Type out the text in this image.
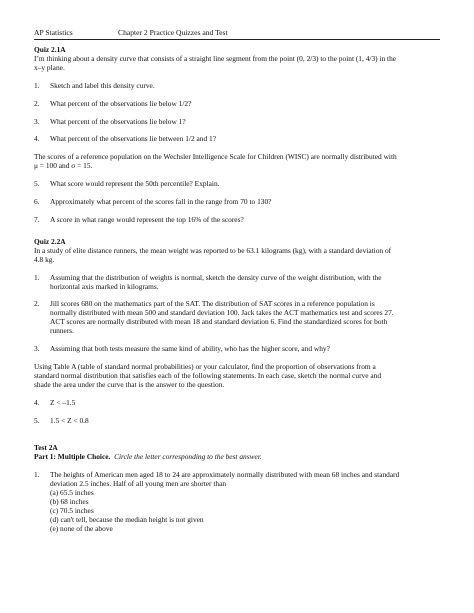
AP Statistics	Chapter 2 Practice Quizzes and Test

Quiz 2.1A

I’m thinking about a density curve that consists of a straight line segment from the point (0, 2/3) to the point (1, 4/3) in the

x–y plane.

1. Sketch and label this density curve.

2. What percent of the observations lie below 1/2?

3. What percent of the observations lie below 1?

4. What percent of the observations lie between 1/2 and 1?

The scores of a reference population on the Wechsler Intelligence Scale for Children (WISC) are normally distributed with

μ = 100 and σ = 15.

5. What score would represent the 50th percentile? Explain.

6. Approximately what percent of the scores fall in the range from 70 to 130?

7. A score in what range would represent the top 16% of the scores?

Quiz 2.2A

In a study of elite distance runners, the mean weight was reported to be 63.1 kilograms (kg), with a standard deviation of

4.8 kg.

1. Assuming that the distribution of weights is normal, sketch the density curve of the weight distribution, with the
horizontal axis marked in kilograms.
2. Jill scores 680 on the mathematics part of the SAT. The distribution of SAT scores in a reference population is
normally distributed with mean 500 and standard deviation 100. Jack takes the ACT mathematics test and scores 27.
ACT scores are normally distributed with mean 18 and standard deviation 6. Find the standardized scores for both
runners.

3. Assuming that both tests measure the same kind of ability, who has the higher score, and why?

Using Table A (table of standard normal probabilities) or your calculator, find the proportion of observations from a

standard normal distribution that satisfies each of the following statements. In each case, sketch the normal curve and

shade the area under the curve that is the answer to the question.

4. Z < –1.5

5. 1.5 < Z < 0.8

Test 2A

Part 1: Multiple Choice. Circle the letter corresponding to the best answer.

1. The heights of American men aged 18 to 24 are approximately normally distributed with mean 68 inches and standard
deviation 2.5 inches. Half of all young men are shorter than
(a) 65.5 inches
(b) 68 inches
(c) 70.5 inches
(d) can't tell, because the median height is not given
(e) none of the above
